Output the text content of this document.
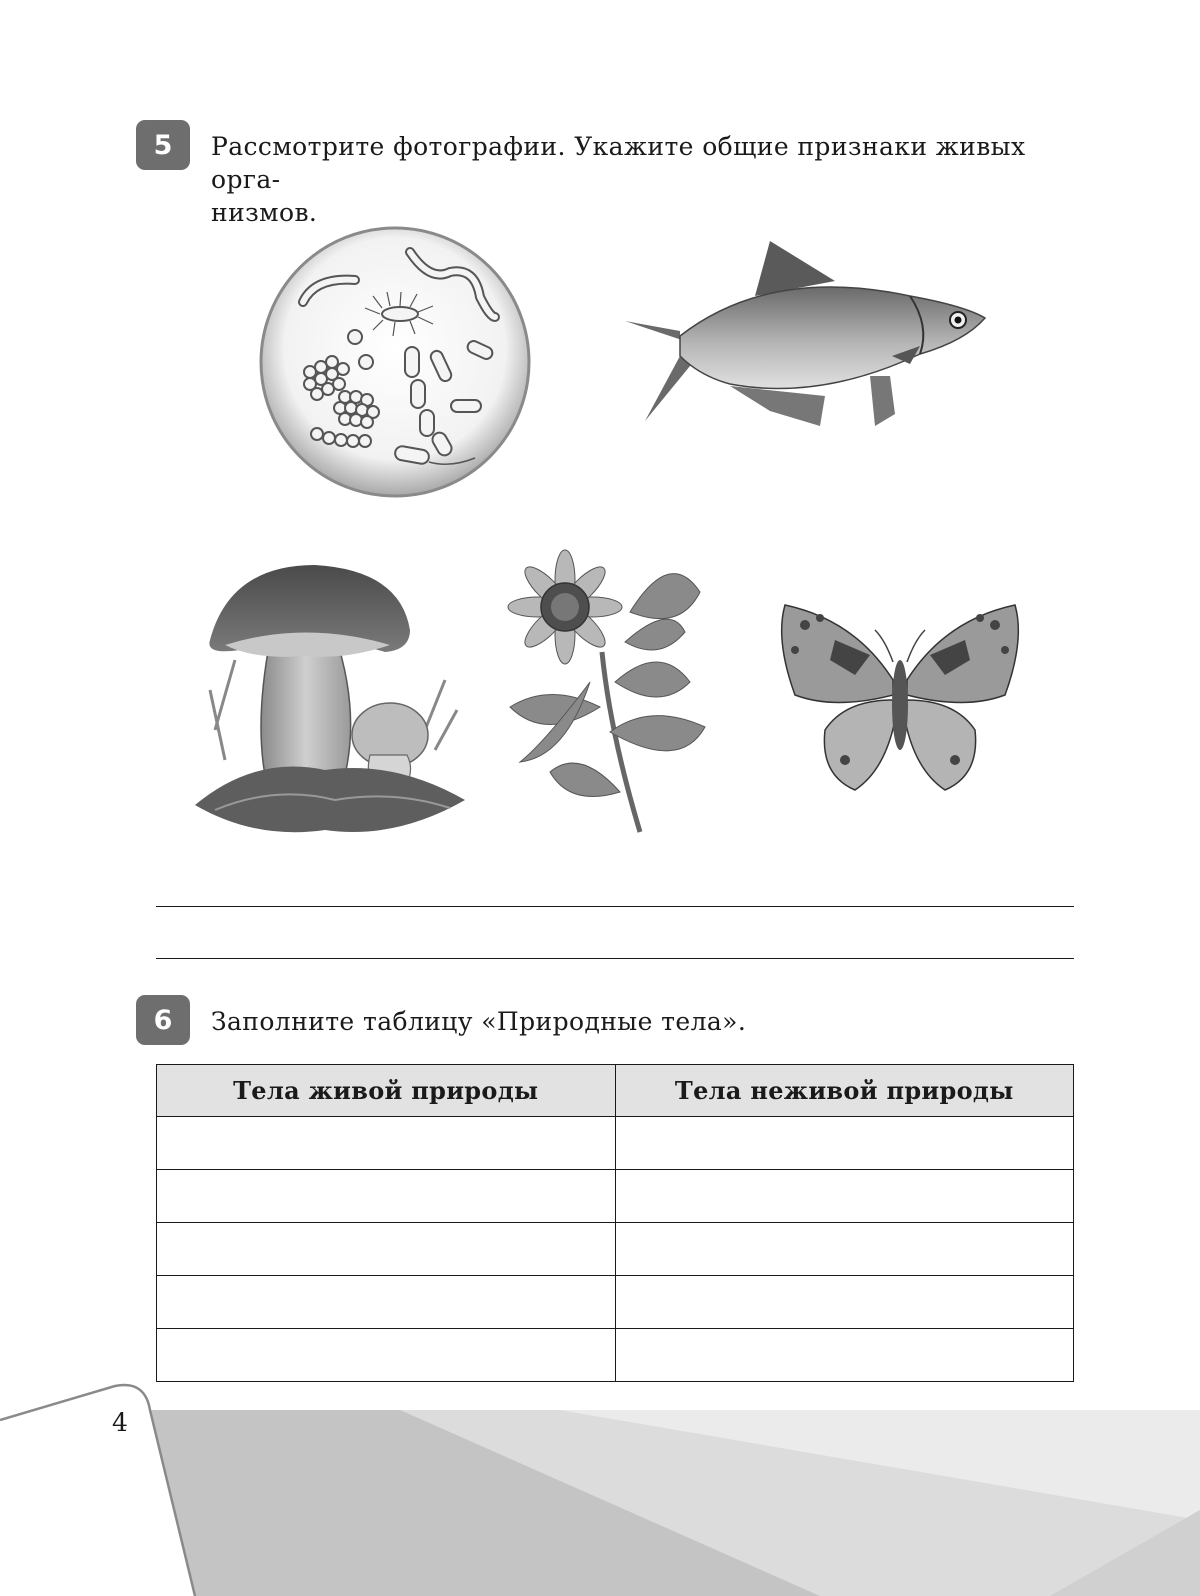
5 Рассмотрите фотографии. Укажите общие признаки живых орга-
низмов.
6 Заполните таблицу «Природные тела».
Тела живой природы	Тела неживой природы

4
